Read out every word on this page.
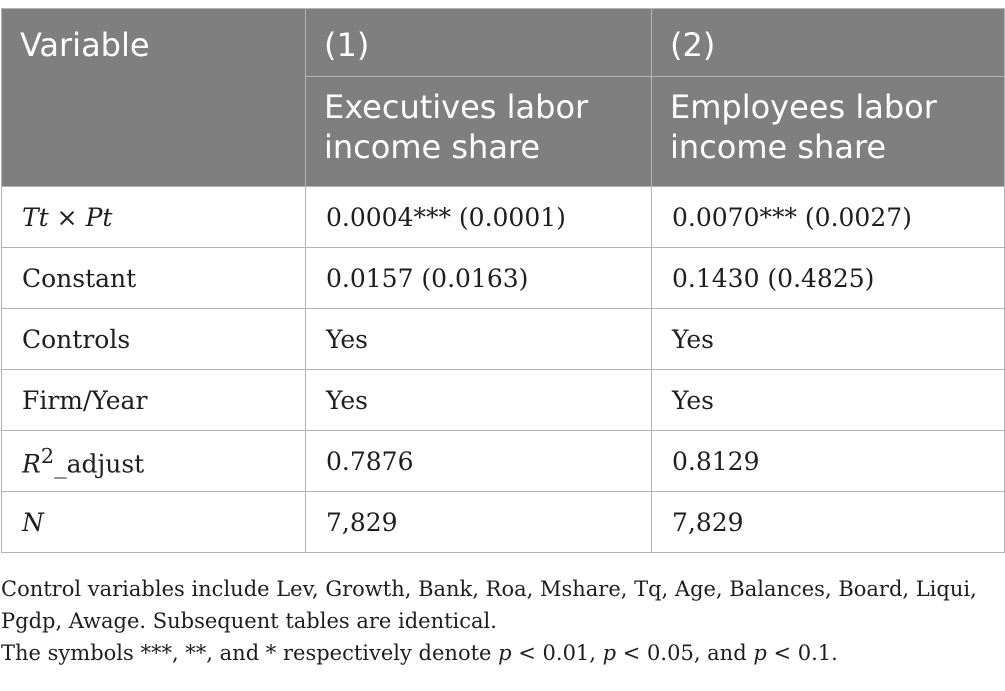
Variable	(1)	(2)
	Executives labor income share	Employees labor income share
Tt × Pt	0.0004*** (0.0001)	0.0070*** (0.0027)
Constant	0.0157 (0.0163)	0.1430 (0.4825)
Controls	Yes	Yes
Firm/Year	Yes	Yes
$R^2\_adjust$	0.7876	0.8129
N	7,829	7,829

Control variables include Lev, Growth, Bank, Roa, Mshare, Tq, Age, Balances, Board, Liqui, Pgdp, Awage. Subsequent tables are identical.

The symbols ***, **, and * respectively denote p < 0.01, p < 0.05, and p < 0.1.
